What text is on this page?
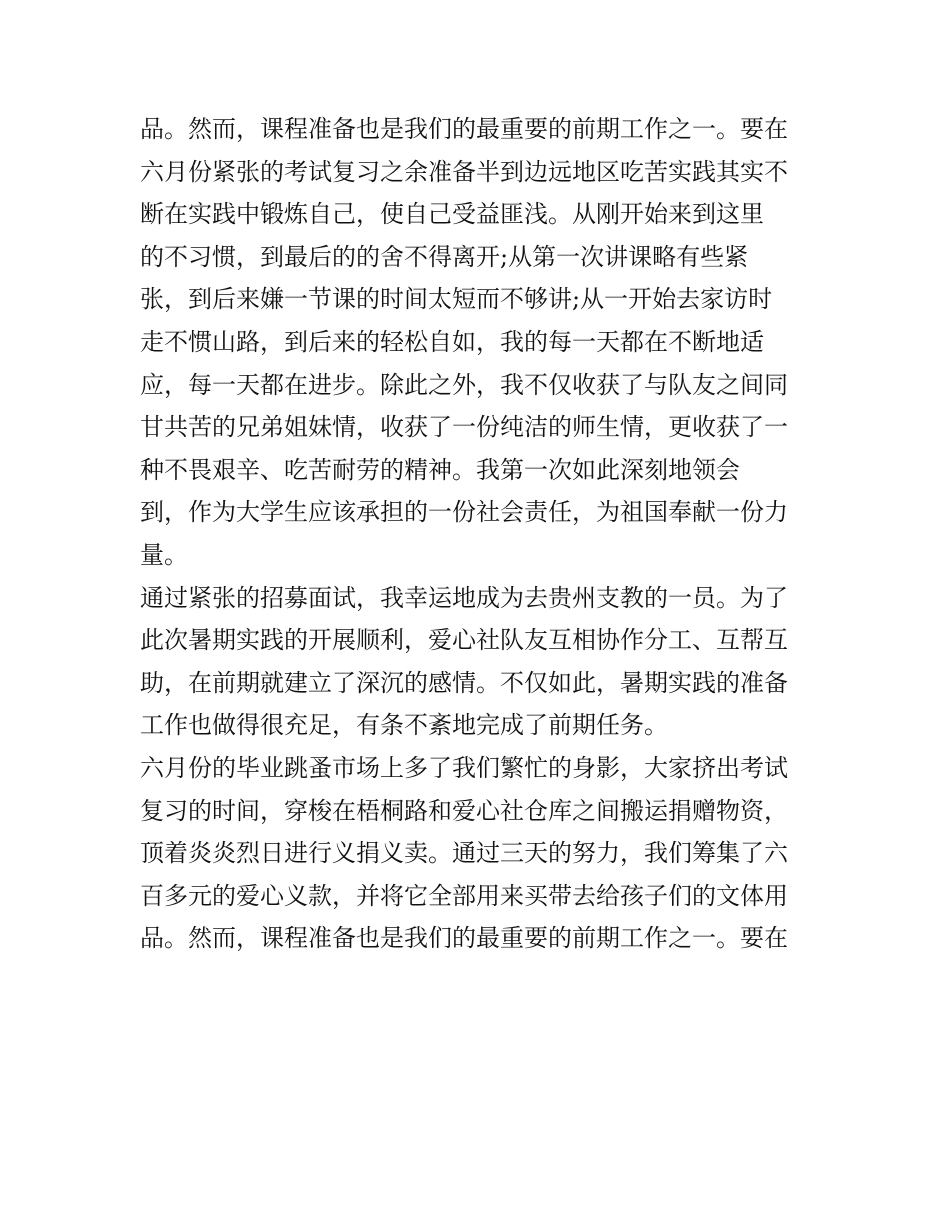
品。然而，课程准备也是我们的最重要的前期工作之一。要在
六月份紧张的考试复习之余准备半到边远地区吃苦实践其实不
断在实践中锻炼自己，使自己受益匪浅。从刚开始来到这里
的不习惯，到最后的的舍不得离开;从第一次讲课略有些紧
张，到后来嫌一节课的时间太短而不够讲;从一开始去家访时
走不惯山路，到后来的轻松自如，我的每一天都在不断地适
应，每一天都在进步。除此之外，我不仅收获了与队友之间同
甘共苦的兄弟姐妹情，收获了一份纯洁的师生情，更收获了一
种不畏艰辛、吃苦耐劳的精神。我第一次如此深刻地领会
到，作为大学生应该承担的一份社会责任，为祖国奉献一份力
量。
通过紧张的招募面试，我幸运地成为去贵州支教的一员。为了
此次暑期实践的开展顺利，爱心社队友互相协作分工、互帮互
助，在前期就建立了深沉的感情。不仅如此，暑期实践的准备
工作也做得很充足，有条不紊地完成了前期任务。
六月份的毕业跳蚤市场上多了我们繁忙的身影，大家挤出考试
复习的时间，穿梭在梧桐路和爱心社仓库之间搬运捐赠物资，
顶着炎炎烈日进行义捐义卖。通过三天的努力，我们筹集了六
百多元的爱心义款，并将它全部用来买带去给孩子们的文体用
品。然而，课程准备也是我们的最重要的前期工作之一。要在
